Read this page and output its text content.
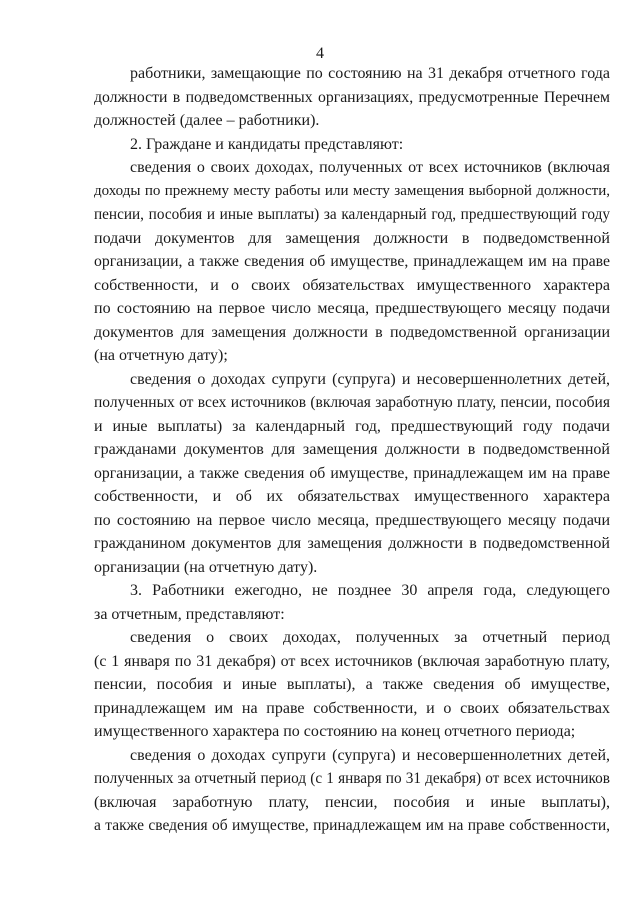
4
работники, замещающие по состоянию на 31 декабря отчетного года
должности в подведомственных организациях, предусмотренные Перечнем
должностей (далее – работники).
2. Граждане и кандидаты представляют:
сведения о своих доходах, полученных от всех источников (включая
доходы по прежнему месту работы или месту замещения выборной должности,
пенсии, пособия и иные выплаты) за календарный год, предшествующий году
подачи документов для замещения должности в подведомственной
организации, а также сведения об имуществе, принадлежащем им на праве
собственности, и о своих обязательствах имущественного характера
по состоянию на первое число месяца, предшествующего месяцу подачи
документов для замещения должности в подведомственной организации
(на отчетную дату);
сведения о доходах супруги (супруга) и несовершеннолетних детей,
полученных от всех источников (включая заработную плату, пенсии, пособия
и иные выплаты) за календарный год, предшествующий году подачи
гражданами документов для замещения должности в подведомственной
организации, а также сведения об имуществе, принадлежащем им на праве
собственности, и об их обязательствах имущественного характера
по состоянию на первое число месяца, предшествующего месяцу подачи
гражданином документов для замещения должности в подведомственной
организации (на отчетную дату).
3. Работники ежегодно, не позднее 30 апреля года, следующего
за отчетным, представляют:
сведения о своих доходах, полученных за отчетный период
(с 1 января по 31 декабря) от всех источников (включая заработную плату,
пенсии, пособия и иные выплаты), а также сведения об имуществе,
принадлежащем им на праве собственности, и о своих обязательствах
имущественного характера по состоянию на конец отчетного периода;
сведения о доходах супруги (супруга) и несовершеннолетних детей,
полученных за отчетный период (с 1 января по 31 декабря) от всех источников
(включая заработную плату, пенсии, пособия и иные выплаты),
а также сведения об имуществе, принадлежащем им на праве собственности,
